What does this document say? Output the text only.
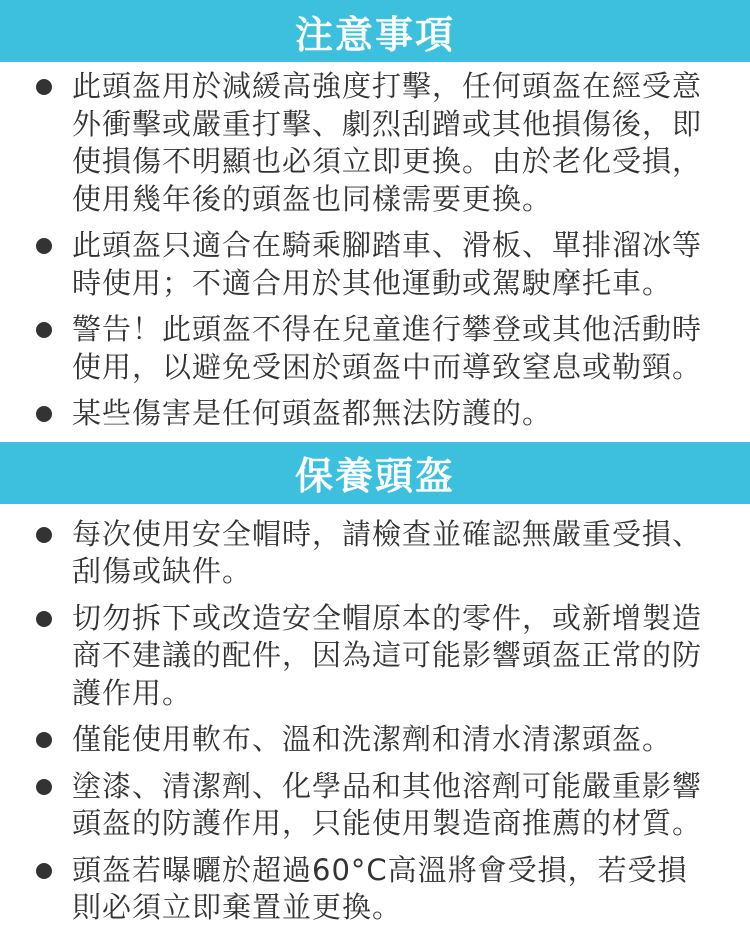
注意事項
此頭盔用於減緩高強度打擊，任何頭盔在經受意外衝擊或嚴重打擊、劇烈刮蹭或其他損傷後，即使損傷不明顯也必須立即更換。由於老化受損，使用幾年後的頭盔也同樣需要更換。
此頭盔只適合在騎乘腳踏車、滑板、單排溜冰等時使用；不適合用於其他運動或駕駛摩托車。
警告！此頭盔不得在兒童進行攀登或其他活動時使用，以避免受困於頭盔中而導致窒息或勒頸。
某些傷害是任何頭盔都無法防護的。
保養頭盔
每次使用安全帽時，請檢查並確認無嚴重受損、刮傷或缺件。
切勿拆下或改造安全帽原本的零件，或新增製造商不建議的配件，因為這可能影響頭盔正常的防護作用。
僅能使用軟布、溫和洗潔劑和清水清潔頭盔。
塗漆、清潔劑、化學品和其他溶劑可能嚴重影響頭盔的防護作用，只能使用製造商推薦的材質。
頭盔若曝曬於超過60°C高溫將會受損，若受損則必須立即棄置並更換。
